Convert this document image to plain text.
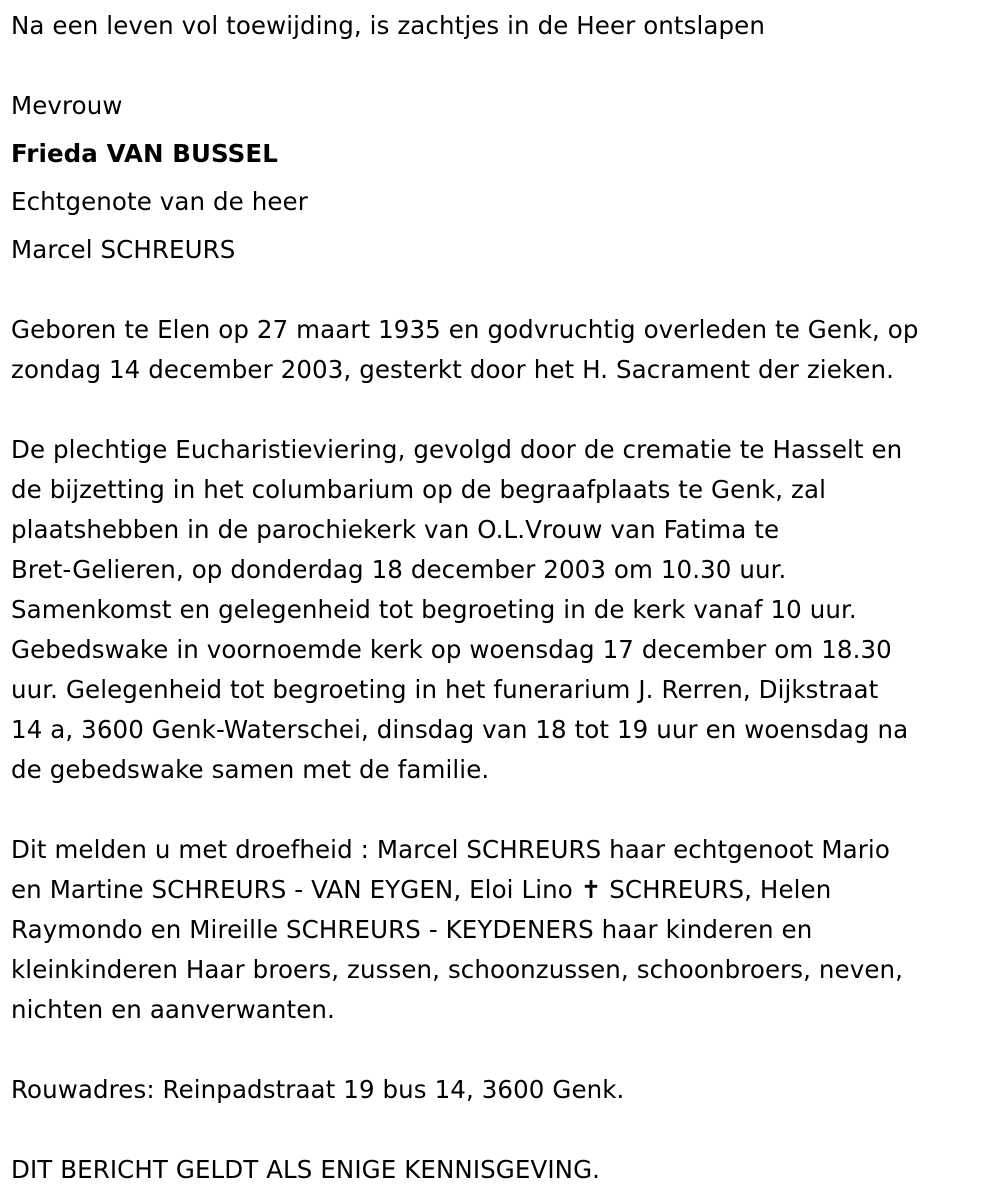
Na een leven vol toewijding, is zachtjes in de Heer ontslapen

Mevrouw

Frieda VAN BUSSEL

Echtgenote van de heer

Marcel SCHREURS

Geboren te Elen op 27 maart 1935 en godvruchtig overleden te Genk, op
zondag 14 december 2003, gesterkt door het H. Sacrament der zieken.
De plechtige Eucharistieviering, gevolgd door de crematie te Hasselt en
de bijzetting in het columbarium op de begraafplaats te Genk, zal
plaatshebben in de parochiekerk van O.L.Vrouw van Fatima te
Bret-Gelieren, op donderdag 18 december 2003 om 10.30 uur.
Samenkomst en gelegenheid tot begroeting in de kerk vanaf 10 uur.
Gebedswake in voornoemde kerk op woensdag 17 december om 18.30
uur. Gelegenheid tot begroeting in het funerarium J. Rerren, Dijkstraat
14 a, 3600 Genk-Waterschei, dinsdag van 18 tot 19 uur en woensdag na
de gebedswake samen met de familie.
Dit melden u met droefheid : Marcel SCHREURS haar echtgenoot Mario
en Martine SCHREURS - VAN EYGEN, Eloi Lino ✝ SCHREURS, Helen
Raymondo en Mireille SCHREURS - KEYDENERS haar kinderen en
kleinkinderen Haar broers, zussen, schoonzussen, schoonbroers, neven,
nichten en aanverwanten.

Rouwadres: Reinpadstraat 19 bus 14, 3600 Genk.

DIT BERICHT GELDT ALS ENIGE KENNISGEVING.
